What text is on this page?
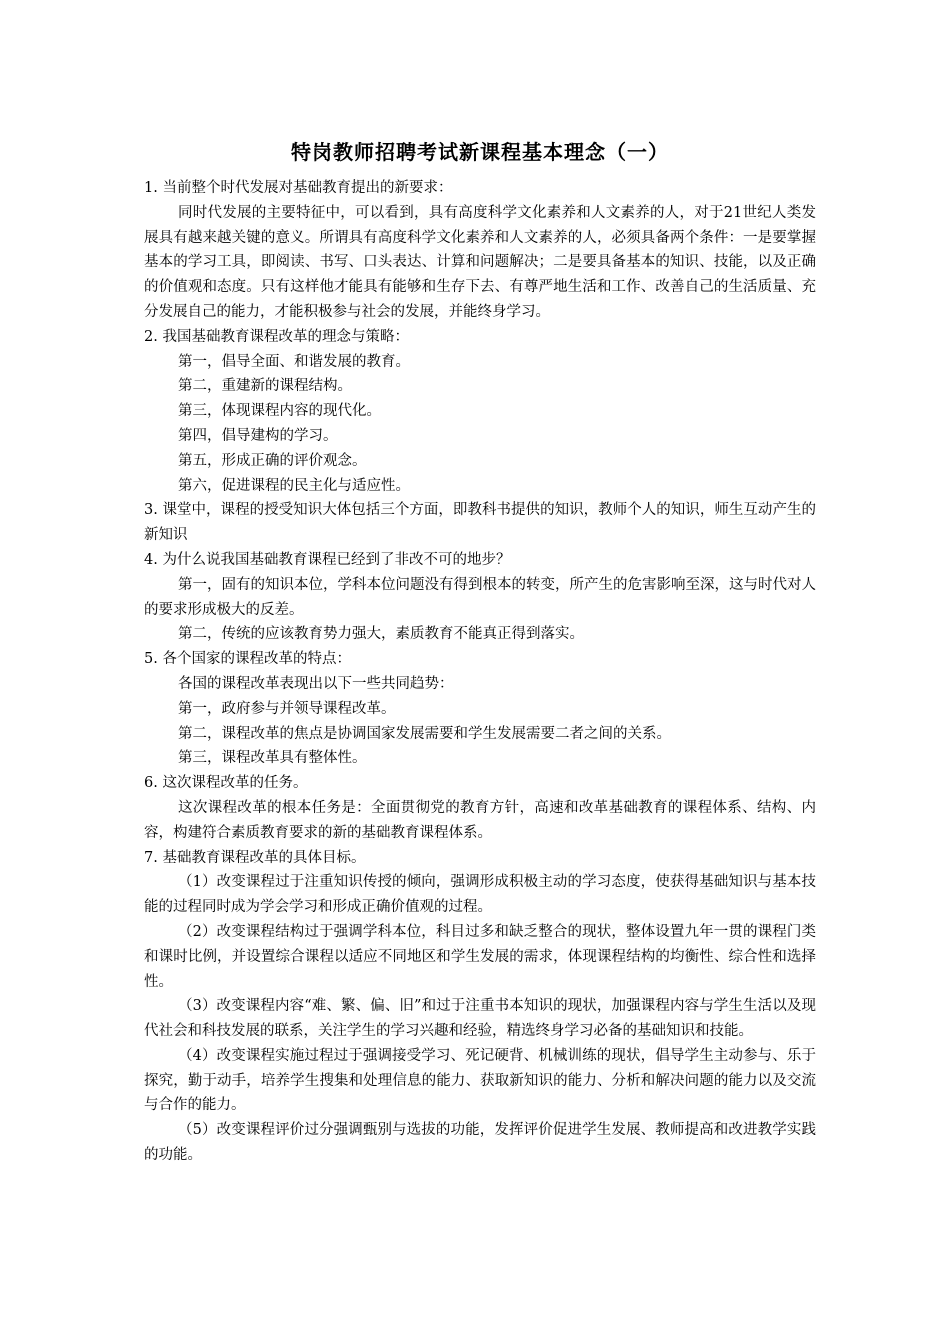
特岗教师招聘考试新课程基本理念（一）

1. 当前整个时代发展对基础教育提出的新要求：

同时代发展的主要特征中，可以看到，具有高度科学文化素养和人文素养的人，对于21世纪人类发展具有越来越关键的意义。所谓具有高度科学文化素养和人文素养的人，必须具备两个条件：一是要掌握基本的学习工具，即阅读、书写、口头表达、计算和问题解决；二是要具备基本的知识、技能，以及正确的价值观和态度。只有这样他才能具有能够和生存下去、有尊严地生活和工作、改善自己的生活质量、充分发展自己的能力，才能积极参与社会的发展，并能终身学习。

2. 我国基础教育课程改革的理念与策略：

第一，倡导全面、和谐发展的教育。

第二，重建新的课程结构。

第三，体现课程内容的现代化。

第四，倡导建构的学习。

第五，形成正确的评价观念。

第六，促进课程的民主化与适应性。

3. 课堂中，课程的授受知识大体包括三个方面，即教科书提供的知识，教师个人的知识，师生互动产生的新知识

4. 为什么说我国基础教育课程已经到了非改不可的地步？

第一，固有的知识本位，学科本位问题没有得到根本的转变，所产生的危害影响至深，这与时代对人的要求形成极大的反差。

第二，传统的应该教育势力强大，素质教育不能真正得到落实。

5. 各个国家的课程改革的特点：

各国的课程改革表现出以下一些共同趋势：

第一，政府参与并领导课程改革。

第二，课程改革的焦点是协调国家发展需要和学生发展需要二者之间的关系。

第三，课程改革具有整体性。

6. 这次课程改革的任务。

这次课程改革的根本任务是：全面贯彻党的教育方针，高速和改革基础教育的课程体系、结构、内容，构建符合素质教育要求的新的基础教育课程体系。

7. 基础教育课程改革的具体目标。

（1）改变课程过于注重知识传授的倾向，强调形成积极主动的学习态度，使获得基础知识与基本技能的过程同时成为学会学习和形成正确价值观的过程。

（2）改变课程结构过于强调学科本位，科目过多和缺乏整合的现状，整体设置九年一贯的课程门类和课时比例，并设置综合课程以适应不同地区和学生发展的需求，体现课程结构的均衡性、综合性和选择性。

（3）改变课程内容“难、繁、偏、旧”和过于注重书本知识的现状，加强课程内容与学生生活以及现代社会和科技发展的联系，关注学生的学习兴趣和经验，精选终身学习必备的基础知识和技能。

（4）改变课程实施过程过于强调接受学习、死记硬背、机械训练的现状，倡导学生主动参与、乐于探究，勤于动手，培养学生搜集和处理信息的能力、获取新知识的能力、分析和解决问题的能力以及交流与合作的能力。

（5）改变课程评价过分强调甄别与选拔的功能，发挥评价促进学生发展、教师提高和改进教学实践的功能。
